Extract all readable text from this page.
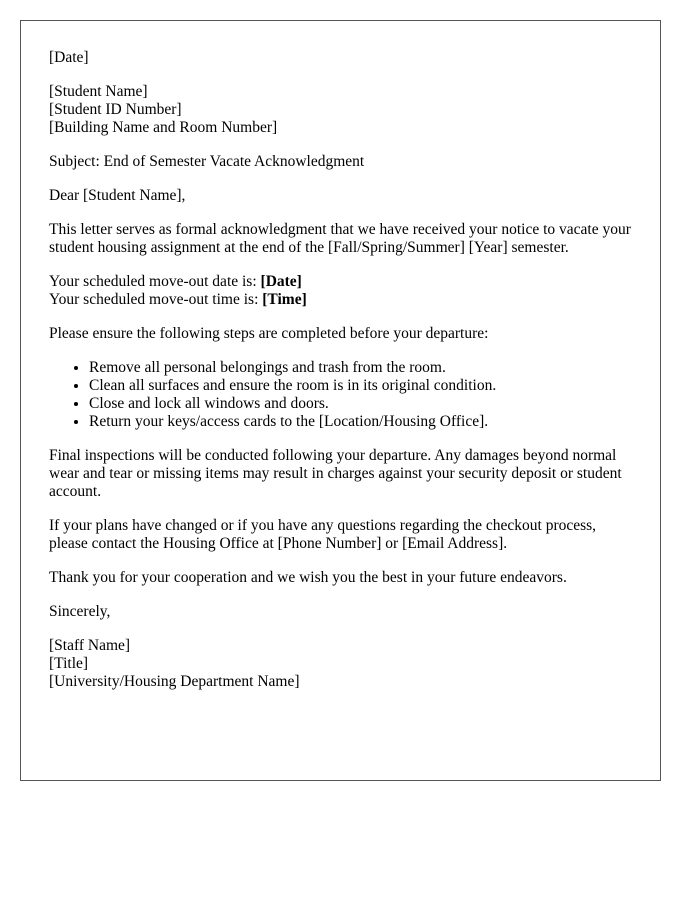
[Date]

[Student Name]
[Student ID Number]
[Building Name and Room Number]

Subject: End of Semester Vacate Acknowledgment

Dear [Student Name],

This letter serves as formal acknowledgment that we have received your notice to vacate your student housing assignment at the end of the [Fall/Spring/Summer] [Year] semester.

Your scheduled move-out date is: [Date]
Your scheduled move-out time is: [Time]

Please ensure the following steps are completed before your departure:

• Remove all personal belongings and trash from the room.
• Clean all surfaces and ensure the room is in its original condition.
• Close and lock all windows and doors.
• Return your keys/access cards to the [Location/Housing Office].

Final inspections will be conducted following your departure. Any damages beyond normal wear and tear or missing items may result in charges against your security deposit or student account.

If your plans have changed or if you have any questions regarding the checkout process, please contact the Housing Office at [Phone Number] or [Email Address].

Thank you for your cooperation and we wish you the best in your future endeavors.

Sincerely,

[Staff Name]
[Title]
[University/Housing Department Name]
